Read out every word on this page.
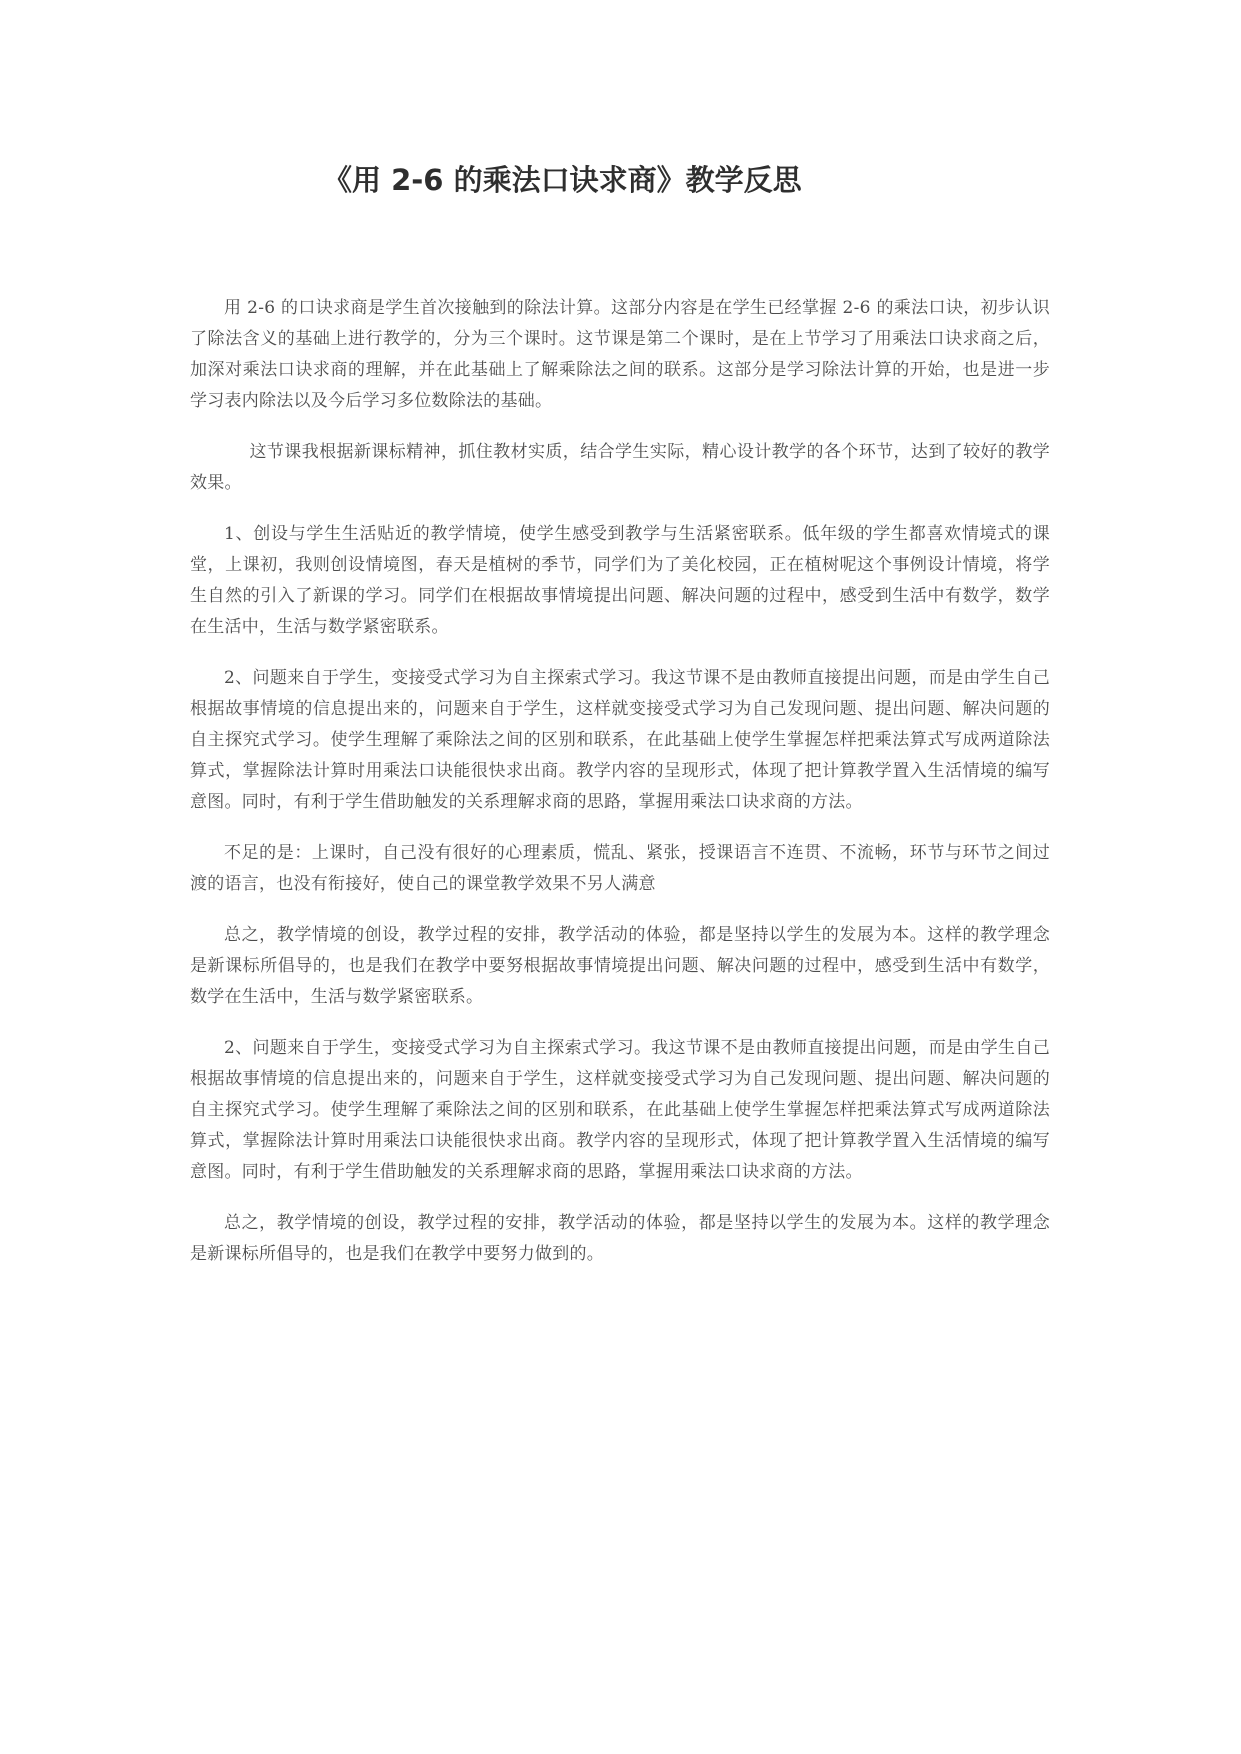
《用 2-6 的乘法口诀求商》教学反思

用 2-6 的口诀求商是学生首次接触到的除法计算。这部分内容是在学生已经掌握 2-6 的乘法口诀，初步认识了除法含义的基础上进行教学的，分为三个课时。这节课是第二个课时，是在上节学习了用乘法口诀求商之后，加深对乘法口诀求商的理解，并在此基础上了解乘除法之间的联系。这部分是学习除法计算的开始，也是进一步学习表内除法以及今后学习多位数除法的基础。

这节课我根据新课标精神，抓住教材实质，结合学生实际，精心设计教学的各个环节，达到了较好的教学效果。

1、创设与学生生活贴近的教学情境，使学生感受到教学与生活紧密联系。低年级的学生都喜欢情境式的课堂，上课初，我则创设情境图，春天是植树的季节，同学们为了美化校园，正在植树呢这个事例设计情境，将学生自然的引入了新课的学习。同学们在根据故事情境提出问题、解决问题的过程中，感受到生活中有数学，数学在生活中，生活与数学紧密联系。

2、问题来自于学生，变接受式学习为自主探索式学习。我这节课不是由教师直接提出问题，而是由学生自己根据故事情境的信息提出来的，问题来自于学生，这样就变接受式学习为自己发现问题、提出问题、解决问题的自主探究式学习。使学生理解了乘除法之间的区别和联系，在此基础上使学生掌握怎样把乘法算式写成两道除法算式，掌握除法计算时用乘法口诀能很快求出商。教学内容的呈现形式，体现了把计算教学置入生活情境的编写意图。同时，有利于学生借助触发的关系理解求商的思路，掌握用乘法口诀求商的方法。

不足的是：上课时，自己没有很好的心理素质，慌乱、紧张，授课语言不连贯、不流畅，环节与环节之间过渡的语言，也没有衔接好，使自己的课堂教学效果不另人满意

总之，教学情境的创设，教学过程的安排，教学活动的体验，都是坚持以学生的发展为本。这样的教学理念是新课标所倡导的，也是我们在教学中要努根据故事情境提出问题、解决问题的过程中，感受到生活中有数学，数学在生活中，生活与数学紧密联系。

2、问题来自于学生，变接受式学习为自主探索式学习。我这节课不是由教师直接提出问题，而是由学生自己根据故事情境的信息提出来的，问题来自于学生，这样就变接受式学习为自己发现问题、提出问题、解决问题的自主探究式学习。使学生理解了乘除法之间的区别和联系，在此基础上使学生掌握怎样把乘法算式写成两道除法算式，掌握除法计算时用乘法口诀能很快求出商。教学内容的呈现形式，体现了把计算教学置入生活情境的编写意图。同时，有利于学生借助触发的关系理解求商的思路，掌握用乘法口诀求商的方法。

总之，教学情境的创设，教学过程的安排，教学活动的体验，都是坚持以学生的发展为本。这样的教学理念是新课标所倡导的，也是我们在教学中要努力做到的。
